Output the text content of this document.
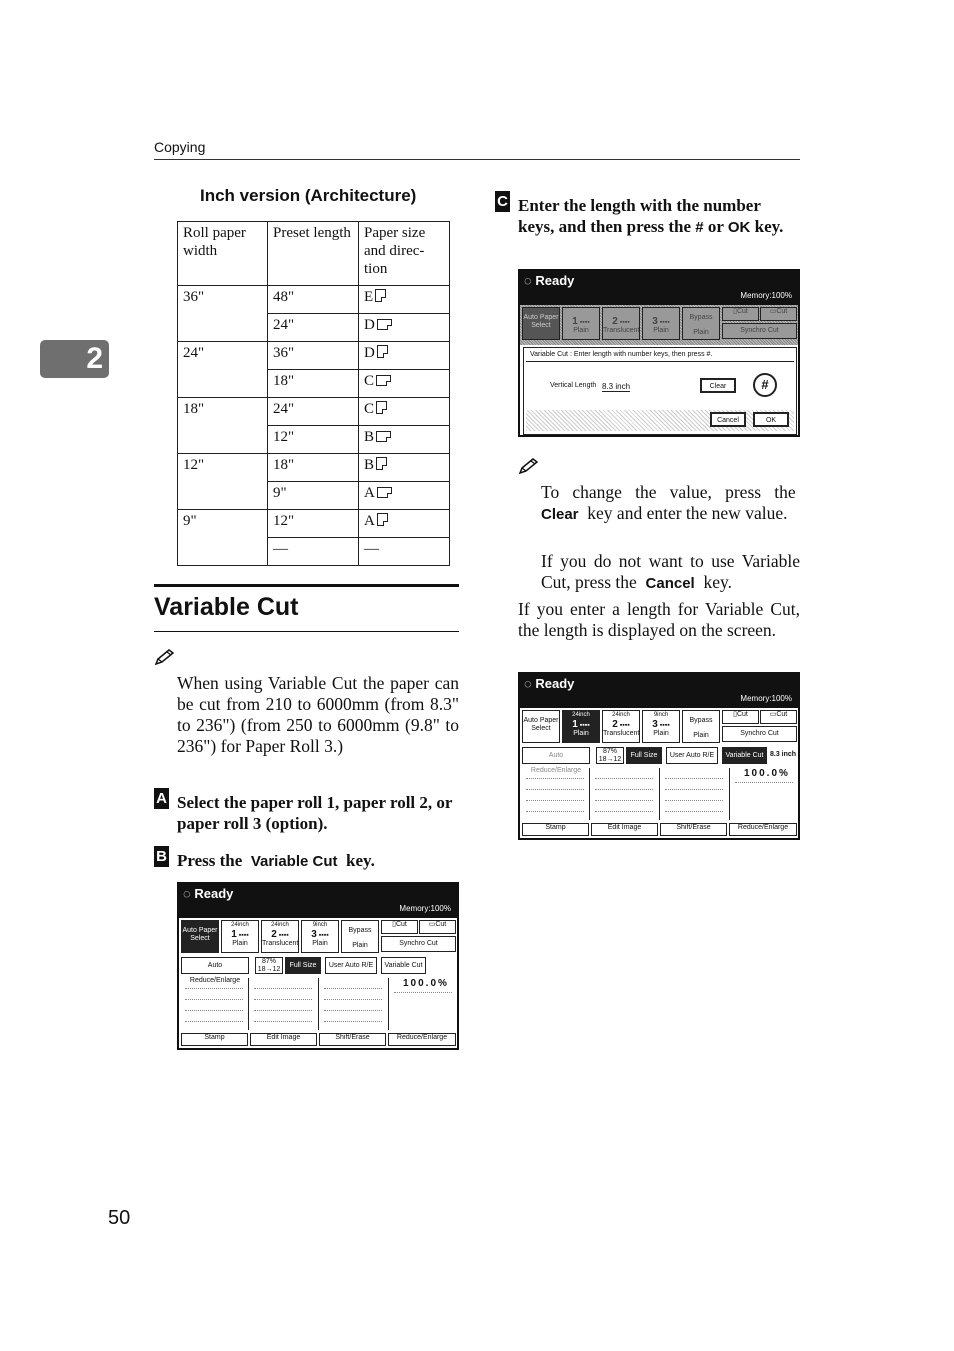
Copying
2
Inch version (Architecture)
Roll paper width	Preset length	Paper size and direc-tion
36"	48"	E
	24"	D
24"	36"	D
	18"	C
18"	24"	C
	12"	B
12"	18"	B
	9"	A
9"	12"	A
	—	—
Variable Cut
When using Variable Cut the paper can be cut from 210 to 6000mm (from 8.3" to 236") (from 250 to 6000mm (9.8" to 236") for Paper Roll 3.)
A Select the paper roll 1, paper roll 2, or paper roll 3 (option).
B Press the Variable Cut key.
◌ Ready
Memory:100%
Auto Paper Select
24inch
1 ▪▪▪▪
Plain
24inch
2 ▪▪▪▪
Translucent
9inch
3 ▪▪▪▪
Plain
Bypass

Plain
▯Cut	▭Cut
Synchro Cut
Auto Reduce/Enlarge
87% 18→12
Full Size	User Auto R/E	Variable Cut
100.0%
Stamp	Edit Image	Shift/Erase	Reduce/Enlarge
C Enter the length with the number keys, and then press the # or OK key.
◌ Ready
Memory:100%
Auto Paper Select	1 ▪▪▪▪
Plain

2 ▪▪▪▪
Translucent

3 ▪▪▪▪
Plain
Bypass

Plain
▯Cut	▭Cut
Synchro Cut
Variable Cut : Enter length with number keys, then press #.
Vertical Length 8.3 inch	Clear	#
Cancel	OK
To change the value, press the  Clear key and enter the new value.
If you do not want to use Variable Cut, press the Cancel key.
If you enter a length for Variable Cut, the length is displayed on the screen.
◌ Ready
Memory:100%
Auto Paper Select
24inch
1 ▪▪▪▪
Plain
24inch
2 ▪▪▪▪
Translucent
9inch
3 ▪▪▪▪
Plain
Bypass

Plain
▯Cut	▭Cut
Synchro Cut
Auto Reduce/Enlarge
87% 18→12
Full Size	User Auto R/E	Variable Cut 8.3 inch
100.0%
Stamp	Edit Image	Shift/Erase	Reduce/Enlarge
50
